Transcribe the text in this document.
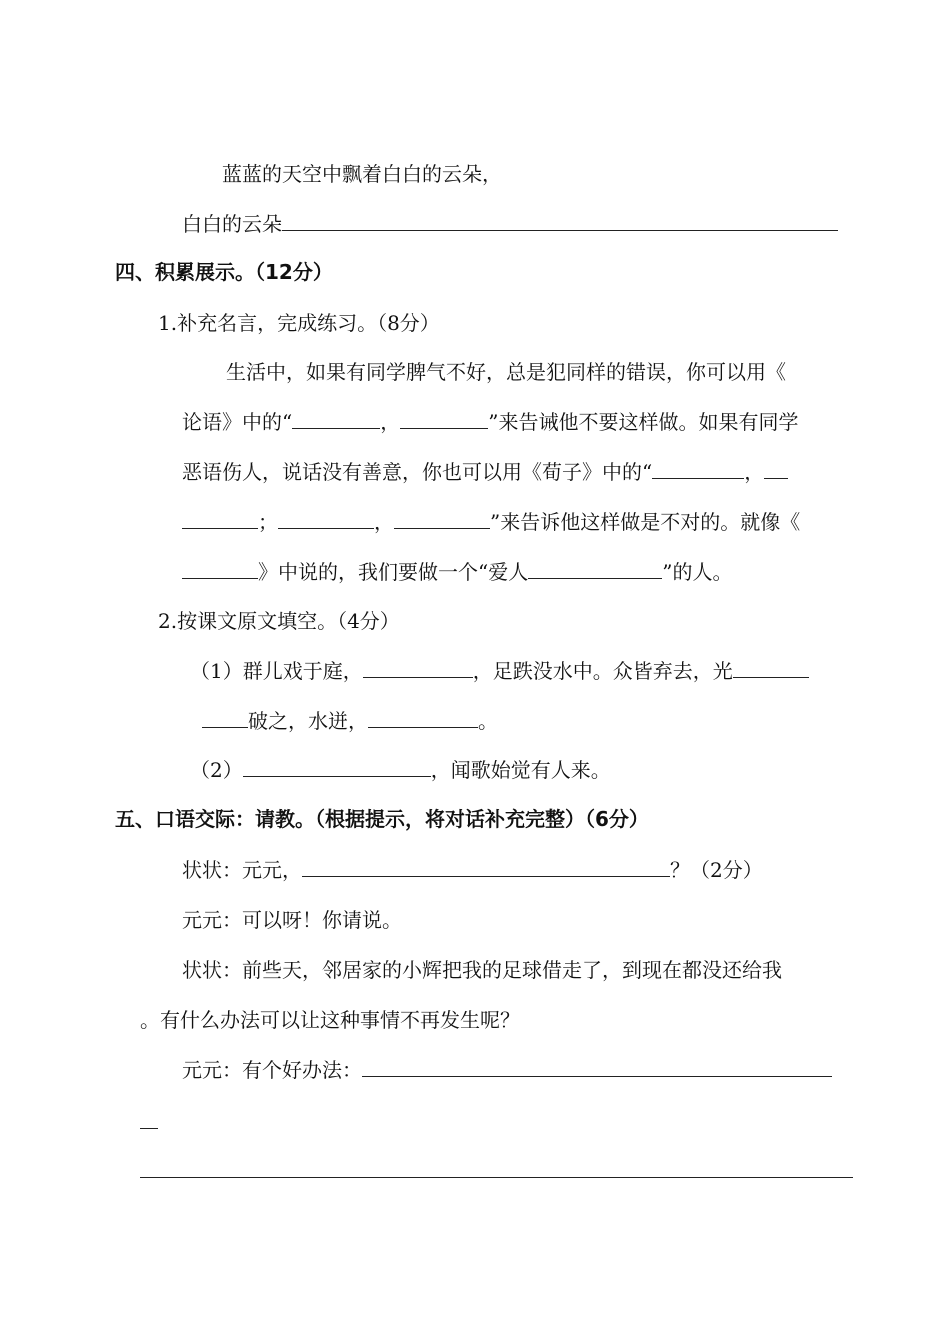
蓝蓝的天空中飘着白白的云朵，
白白的云朵
四、积累展示。（12分）
1.补充名言，完成练习。（8分）
生活中，如果有同学脾气不好，总是犯同样的错误，你可以用《
论语》中的“	，	”来告诫他不要这样做。如果有同学
恶语伤人，说话没有善意，你也可以用《荀子》中的“	，
；	，	”来告诉他这样做是不对的。就像《
》中说的，我们要做一个“爱人	”的人。
2.按课文原文填空。（4分）
（1）群儿戏于庭，	，足跌没水中。众皆弃去，光
破之，水迸，	。
（2）	，闻歌始觉有人来。
五、口语交际：请教。（根据提示，将对话补充完整）（6分）
状状：元元，	？（2分）
元元：可以呀！你请说。
状状：前些天，邻居家的小辉把我的足球借走了，到现在都没还给我
。有什么办法可以让这种事情不再发生呢？
元元：有个好办法：
